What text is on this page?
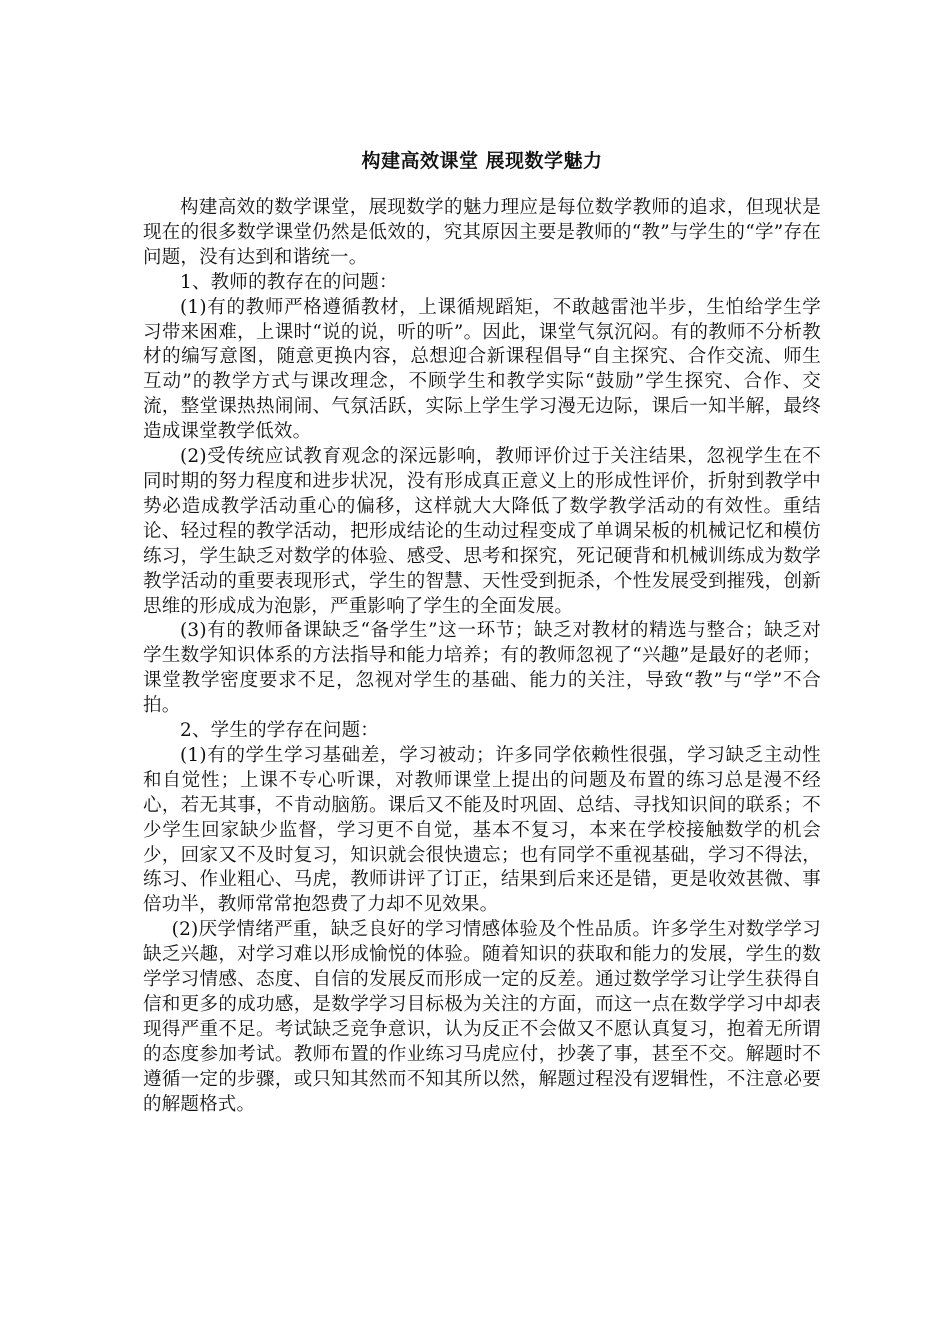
构建高效课堂 展现数学魅力

构建高效的数学课堂，展现数学的魅力理应是每位数学教师的追求，但现状是现在的很多数学课堂仍然是低效的，究其原因主要是教师的“教”与学生的“学”存在问题，没有达到和谐统一。

1、教师的教存在的问题：

(1)有的教师严格遵循教材，上课循规蹈矩，不敢越雷池半步，生怕给学生学习带来困难，上课时“说的说，听的听”。因此，课堂气氛沉闷。有的教师不分析教材的编写意图，随意更换内容，总想迎合新课程倡导“自主探究、合作交流、师生互动”的教学方式与课改理念，不顾学生和教学实际“鼓励”学生探究、合作、交流，整堂课热热闹闹、气氛活跃，实际上学生学习漫无边际，课后一知半解，最终造成课堂教学低效。

(2)受传统应试教育观念的深远影响，教师评价过于关注结果，忽视学生在不同时期的努力程度和进步状况，没有形成真正意义上的形成性评价，折射到教学中势必造成教学活动重心的偏移，这样就大大降低了数学教学活动的有效性。重结论、轻过程的教学活动，把形成结论的生动过程变成了单调呆板的机械记忆和模仿练习，学生缺乏对数学的体验、感受、思考和探究，死记硬背和机械训练成为数学教学活动的重要表现形式，学生的智慧、天性受到扼杀，个性发展受到摧残，创新思维的形成成为泡影，严重影响了学生的全面发展。

(3)有的教师备课缺乏“备学生”这一环节；缺乏对教材的精选与整合；缺乏对学生数学知识体系的方法指导和能力培养；有的教师忽视了“兴趣”是最好的老师；课堂教学密度要求不足，忽视对学生的基础、能力的关注，导致“教”与“学”不合拍。

2、学生的学存在问题：

(1)有的学生学习基础差，学习被动；许多同学依赖性很强，学习缺乏主动性和自觉性；上课不专心听课，对教师课堂上提出的问题及布置的练习总是漫不经心，若无其事，不肯动脑筋。课后又不能及时巩固、总结、寻找知识间的联系；不少学生回家缺少监督，学习更不自觉，基本不复习，本来在学校接触数学的机会少，回家又不及时复习，知识就会很快遗忘；也有同学不重视基础，学习不得法，练习、作业粗心、马虎，教师讲评了订正，结果到后来还是错，更是收效甚微、事倍功半，教师常常抱怨费了力却不见效果。

(2)厌学情绪严重，缺乏良好的学习情感体验及个性品质。许多学生对数学学习缺乏兴趣，对学习难以形成愉悦的体验。随着知识的获取和能力的发展，学生的数学学习情感、态度、自信的发展反而形成一定的反差。通过数学学习让学生获得自信和更多的成功感，是数学学习目标极为关注的方面，而这一点在数学学习中却表现得严重不足。考试缺乏竞争意识，认为反正不会做又不愿认真复习，抱着无所谓的态度参加考试。教师布置的作业练习马虎应付，抄袭了事，甚至不交。解题时不遵循一定的步骤，或只知其然而不知其所以然，解题过程没有逻辑性，不注意必要的解题格式。
